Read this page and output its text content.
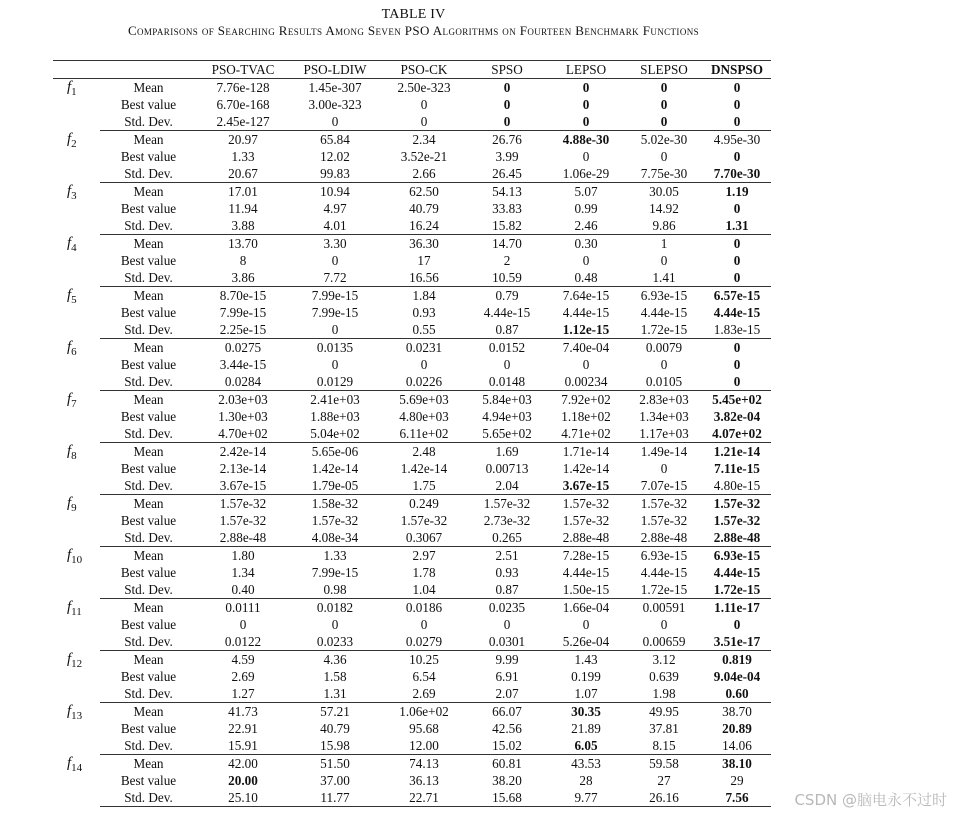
TABLE IV
Comparisons of Searching Results Among Seven PSO Algorithms on Fourteen Benchmark Functions
		PSO-TVAC	PSO-LDIW	PSO-CK	SPSO	LEPSO	SLEPSO	DNSPSO
$f_1$	Mean	7.76e-128	1.45e-307	2.50e-323	0	0	0	0
	Best value	6.70e-168	3.00e-323	0	0	0	0	0
	Std. Dev.	2.45e-127	0	0	0	0	0	0
$f_2$	Mean	20.97	65.84	2.34	26.76	4.88e-30	5.02e-30	4.95e-30
	Best value	1.33	12.02	3.52e-21	3.99	0	0	0
	Std. Dev.	20.67	99.83	2.66	26.45	1.06e-29	7.75e-30	7.70e-30
$f_3$	Mean	17.01	10.94	62.50	54.13	5.07	30.05	1.19
	Best value	11.94	4.97	40.79	33.83	0.99	14.92	0
	Std. Dev.	3.88	4.01	16.24	15.82	2.46	9.86	1.31
$f_4$	Mean	13.70	3.30	36.30	14.70	0.30	1	0
	Best value	8	0	17	2	0	0	0
	Std. Dev.	3.86	7.72	16.56	10.59	0.48	1.41	0
$f_5$	Mean	8.70e-15	7.99e-15	1.84	0.79	7.64e-15	6.93e-15	6.57e-15
	Best value	7.99e-15	7.99e-15	0.93	4.44e-15	4.44e-15	4.44e-15	4.44e-15
	Std. Dev.	2.25e-15	0	0.55	0.87	1.12e-15	1.72e-15	1.83e-15
$f_6$	Mean	0.0275	0.0135	0.0231	0.0152	7.40e-04	0.0079	0
	Best value	3.44e-15	0	0	0	0	0	0
	Std. Dev.	0.0284	0.0129	0.0226	0.0148	0.00234	0.0105	0
$f_7$	Mean	2.03e+03	2.41e+03	5.69e+03	5.84e+03	7.92e+02	2.83e+03	5.45e+02
	Best value	1.30e+03	1.88e+03	4.80e+03	4.94e+03	1.18e+02	1.34e+03	3.82e-04
	Std. Dev.	4.70e+02	5.04e+02	6.11e+02	5.65e+02	4.71e+02	1.17e+03	4.07e+02
$f_8$	Mean	2.42e-14	5.65e-06	2.48	1.69	1.71e-14	1.49e-14	1.21e-14
	Best value	2.13e-14	1.42e-14	1.42e-14	0.00713	1.42e-14	0	7.11e-15
	Std. Dev.	3.67e-15	1.79e-05	1.75	2.04	3.67e-15	7.07e-15	4.80e-15
$f_9$	Mean	1.57e-32	1.58e-32	0.249	1.57e-32	1.57e-32	1.57e-32	1.57e-32
	Best value	1.57e-32	1.57e-32	1.57e-32	2.73e-32	1.57e-32	1.57e-32	1.57e-32
	Std. Dev.	2.88e-48	4.08e-34	0.3067	0.265	2.88e-48	2.88e-48	2.88e-48
$f_{10}$	Mean	1.80	1.33	2.97	2.51	7.28e-15	6.93e-15	6.93e-15
	Best value	1.34	7.99e-15	1.78	0.93	4.44e-15	4.44e-15	4.44e-15
	Std. Dev.	0.40	0.98	1.04	0.87	1.50e-15	1.72e-15	1.72e-15
$f_{11}$	Mean	0.0111	0.0182	0.0186	0.0235	1.66e-04	0.00591	1.11e-17
	Best value	0	0	0	0	0	0	0
	Std. Dev.	0.0122	0.0233	0.0279	0.0301	5.26e-04	0.00659	3.51e-17
$f_{12}$	Mean	4.59	4.36	10.25	9.99	1.43	3.12	0.819
	Best value	2.69	1.58	6.54	6.91	0.199	0.639	9.04e-04
	Std. Dev.	1.27	1.31	2.69	2.07	1.07	1.98	0.60
$f_{13}$	Mean	41.73	57.21	1.06e+02	66.07	30.35	49.95	38.70
	Best value	22.91	40.79	95.68	42.56	21.89	37.81	20.89
	Std. Dev.	15.91	15.98	12.00	15.02	6.05	8.15	14.06
$f_{14}$	Mean	42.00	51.50	74.13	60.81	43.53	59.58	38.10
	Best value	20.00	37.00	36.13	38.20	28	27	29
	Std. Dev.	25.10	11.77	22.71	15.68	9.77	26.16	7.56	CSDN @脑电永不过时
